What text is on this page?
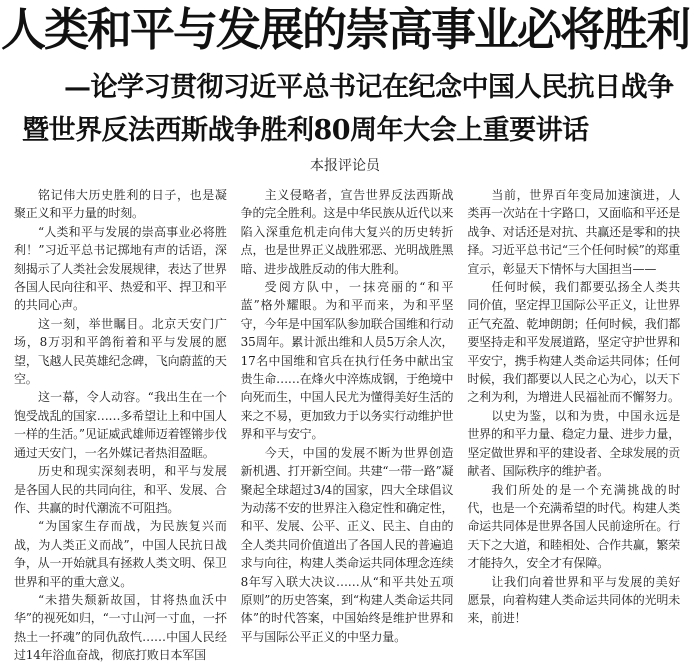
人类和平与发展的崇高事业必将胜利
—论学习贯彻习近平总书记在纪念中国人民抗日战争
暨世界反法西斯战争胜利80周年大会上重要讲话
本报评论员

铭记伟大历史胜利的日子，也是凝聚正义和平力量的时刻。

“人类和平与发展的崇高事业必将胜利！”习近平总书记掷地有声的话语，深刻揭示了人类社会发展规律，表达了世界各国人民向往和平、热爱和平、捍卫和平的共同心声。

这一刻，举世瞩目。北京天安门广场，8万羽和平鸽衔着和平与发展的愿望，飞越人民英雄纪念碑，飞向蔚蓝的天空。

这一幕，令人动容。“我出生在一个饱受战乱的国家……多希望让上和中国人一样的生活。”见证威武雄师迈着铿锵步伐通过天安门，一名外媒记者热泪盈眶。

历史和现实深刻表明，和平与发展是各国人民的共同向往，和平、发展、合作、共赢的时代潮流不可阻挡。

“为国家生存而战，为民族复兴而战，为人类正义而战”，中国人民抗日战争，从一开始就具有拯救人类文明、保卫世界和平的重大意义。

“未措失颓新故国，甘将热血沃中华”的视死如归，“一寸山河一寸血，一抔热土一抔魂”的同仇敌忾……中国人民经过14年浴血奋战，彻底打败日本军国

主义侵略者，宣告世界反法西斯战争的完全胜利。这是中华民族从近代以来陷入深重危机走向伟大复兴的历史转折点，也是世界正义战胜邪恶、光明战胜黑暗、进步战胜反动的伟大胜利。

受阅方队中，一抹亮丽的“和平蓝”格外耀眼。为和平而来，为和平坚守，今年是中国军队参加联合国维和行动35周年。累计派出维和人员5万余人次，17名中国维和官兵在执行任务中献出宝贵生命……在烽火中淬炼成钢，于绝境中向死而生，中国人民尤为懂得美好生活的来之不易，更加致力于以务实行动维护世界和平与安宁。

今天，中国的发展不断为世界创造新机遇、打开新空间。共建“一带一路”凝聚起全球超过3/4的国家，四大全球倡议为动荡不安的世界注入稳定性和确定性，和平、发展、公平、正义、民主、自由的全人类共同价值道出了各国人民的普遍追求与向往，构建人类命运共同体理念连续8年写入联大决议……从“和平共处五项原则”的历史答案，到“构建人类命运共同体”的时代答案，中国始终是维护世界和平与国际公平正义的中坚力量。

当前，世界百年变局加速演进，人类再一次站在十字路口，又面临和平还是战争、对话还是对抗、共赢还是零和的抉择。习近平总书记“三个任何时候”的郑重宣示，彰显天下情怀与大国担当——

任何时候，我们都要弘扬全人类共同价值，坚定捍卫国际公平正义，让世界正气充盈、乾坤朗朗；任何时候，我们都要坚持走和平发展道路，坚定守护世界和平安宁，携手构建人类命运共同体；任何时候，我们都要以人民之心为心，以天下之利为利，为增进人民福祉而不懈努力。

以史为鉴，以和为贵，中国永远是世界的和平力量、稳定力量、进步力量，坚定做世界和平的建设者、全球发展的贡献者、国际秩序的维护者。

我们所处的是一个充满挑战的时代，也是一个充满希望的时代。构建人类命运共同体是世界各国人民前途所在。行天下之大道，和睦相处、合作共赢，繁荣才能持久，安全才有保障。

让我们向着世界和平与发展的美好愿景，向着构建人类命运共同体的光明未来，前进！
